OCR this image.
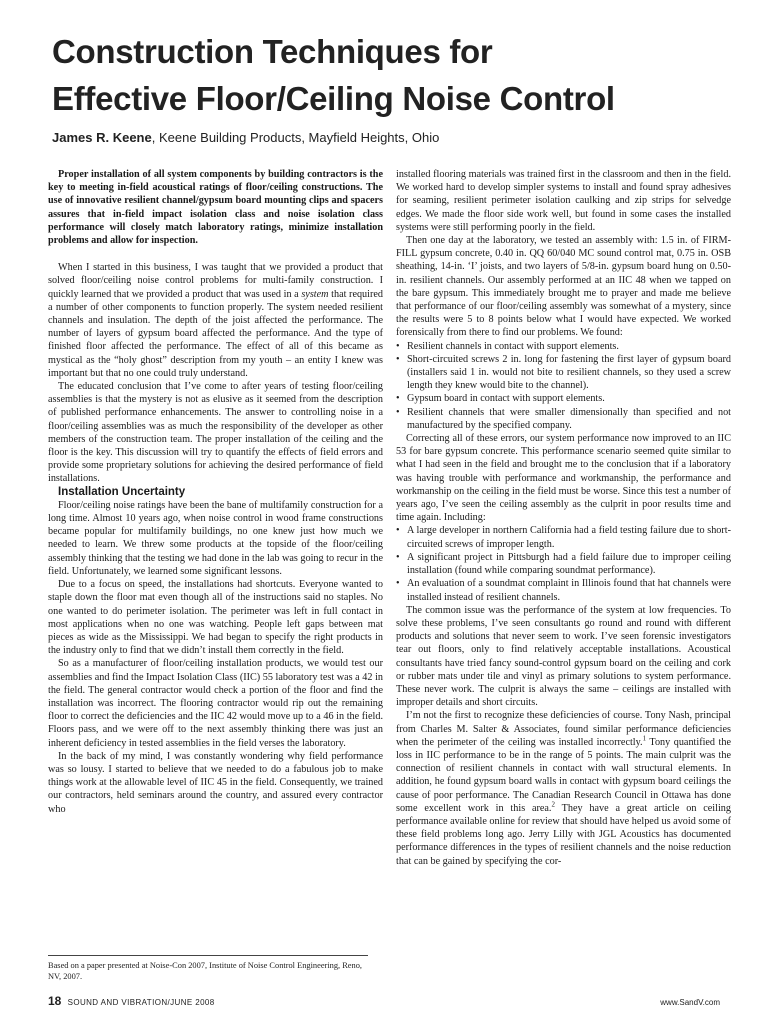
Construction Techniques for
Effective Floor/Ceiling Noise Control
James R. Keene, Keene Building Products, Mayfield Heights, Ohio

Proper installation of all system components by building contractors is the key to meeting in-field acoustical ratings of floor/ceiling constructions. The use of innovative resilient channel/gypsum board mounting clips and spacers assures that in-field impact isolation class and noise isolation class performance will closely match laboratory ratings, minimize installation problems and allow for inspection.

When I started in this business, I was taught that we provided a product that solved floor/ceiling noise control problems for multi-family construction. I quickly learned that we provided a product that was used in a system that required a number of other components to function properly. The system needed resilient channels and insulation. The depth of the joist affected the performance. The number of layers of gypsum board affected the performance. And the type of finished floor affected the performance. The effect of all of this became as mystical as the “holy ghost” description from my youth – an entity I knew was important but that no one could truly understand.

The educated conclusion that I’ve come to after years of testing floor/ceiling assemblies is that the mystery is not as elusive as it seemed from the description of published performance enhancements. The answer to controlling noise in a floor/ceiling assemblies was as much the responsibility of the developer as other members of the construction team. The proper installation of the ceiling and the floor is the key. This discussion will try to quantify the effects of field errors and provide some proprietary solutions for achieving the desired performance of field installations.

Installation Uncertainty

Floor/ceiling noise ratings have been the bane of multifamily construction for a long time. Almost 10 years ago, when noise control in wood frame constructions became popular for multifamily buildings, no one knew just how much we needed to learn. We threw some products at the topside of the floor/ceiling assembly thinking that the testing we had done in the lab was going to recur in the field. Unfortunately, we learned some significant lessons.

Due to a focus on speed, the installations had shortcuts. Everyone wanted to staple down the floor mat even though all of the instructions said no staples. No one wanted to do perimeter isolation. The perimeter was left in full contact in most applications when no one was watching. People left gaps between mat pieces as wide as the Mississippi. We had began to specify the right products in the industry only to find that we didn’t install them correctly in the field.

So as a manufacturer of floor/ceiling installation products, we would test our assemblies and find the Impact Isolation Class (IIC) 55 laboratory test was a 42 in the field. The general contractor would check a portion of the floor and find the installation was incorrect. The flooring contractor would rip out the remaining floor to correct the deficiencies and the IIC 42 would move up to a 46 in the field. Floors pass, and we were off to the next assembly thinking there was just an inherent deficiency in tested assemblies in the field verses the laboratory.

In the back of my mind, I was constantly wondering why field performance was so lousy. I started to believe that we needed to do a fabulous job to make things work at the allowable level of IIC 45 in the field. Consequently, we trained our contractors, held seminars around the country, and assured every contractor who

installed flooring materials was trained first in the classroom and then in the field. We worked hard to develop simpler systems to install and found spray adhesives for seaming, resilient perimeter isolation caulking and zip strips for selvedge edges. We made the floor side work well, but found in some cases the installed systems were still performing poorly in the field.

Then one day at the laboratory, we tested an assembly with: 1.5 in. of FIRM-FILL gypsum concrete, 0.40 in. QQ 60/040 MC sound control mat, 0.75 in. OSB sheathing, 14-in. ‘I’ joists, and two layers of 5/8-in. gypsum board hung on 0.50-in. resilient channels. Our assembly performed at an IIC 48 when we tapped on the bare gypsum. This immediately brought me to prayer and made me believe that performance of our floor/ceiling assembly was somewhat of a mystery, since the results were 5 to 8 points below what I would have expected. We worked forensically from there to find our problems. We found:

• Resilient channels in contact with support elements.
• Short-circuited screws 2 in. long for fastening the first layer of gypsum board (installers said 1 in. would not bite to resilient channels, so they used a screw length they knew would bite to the channel).
• Gypsum board in contact with support elements.
• Resilient channels that were smaller dimensionally than specified and not manufactured by the specified company.

Correcting all of these errors, our system performance now improved to an IIC 53 for bare gypsum concrete. This performance scenario seemed quite similar to what I had seen in the field and brought me to the conclusion that if a laboratory was having trouble with performance and workmanship, the performance and workmanship on the ceiling in the field must be worse. Since this test a number of years ago, I’ve seen the ceiling assembly as the culprit in poor results time and time again. Including:

• A large developer in northern California had a field testing failure due to short-circuited screws of improper length.
• A significant project in Pittsburgh had a field failure due to improper ceiling installation (found while comparing soundmat performance).
• An evaluation of a soundmat complaint in Illinois found that hat channels were installed instead of resilient channels.

The common issue was the performance of the system at low frequencies. To solve these problems, I’ve seen consultants go round and round with different products and solutions that never seem to work. I’ve seen forensic investigators tear out floors, only to find relatively acceptable installations. Acoustical consultants have tried fancy sound-control gypsum board on the ceiling and cork or rubber mats under tile and vinyl as primary solutions to system performance. These never work. The culprit is always the same – ceilings are installed with improper details and short circuits.

I’m not the first to recognize these deficiencies of course. Tony Nash, principal from Charles M. Salter & Associates, found similar performance deficiencies when the perimeter of the ceiling was installed incorrectly.$^1$ Tony quantified the loss in IIC performance to be in the range of 5 points. The main culprit was the connection of resilient channels in contact with wall structural elements. In addition, he found gypsum board walls in contact with gypsum board ceilings the cause of poor performance. The Canadian Research Council in Ottawa has done some excellent work in this area.$^2$ They have a great article on ceiling performance available online for review that should have helped us avoid some of these field problems long ago. Jerry Lilly with JGL Acoustics has documented performance differences in the types of resilient channels and the noise reduction that can be gained by specifying the cor-

Based on a paper presented at Noise-Con 2007, Institute of Noise Control Engineering, Reno, NV, 2007.
18 SOUND AND VIBRATION/JUNE 2008	www.SandV.com
